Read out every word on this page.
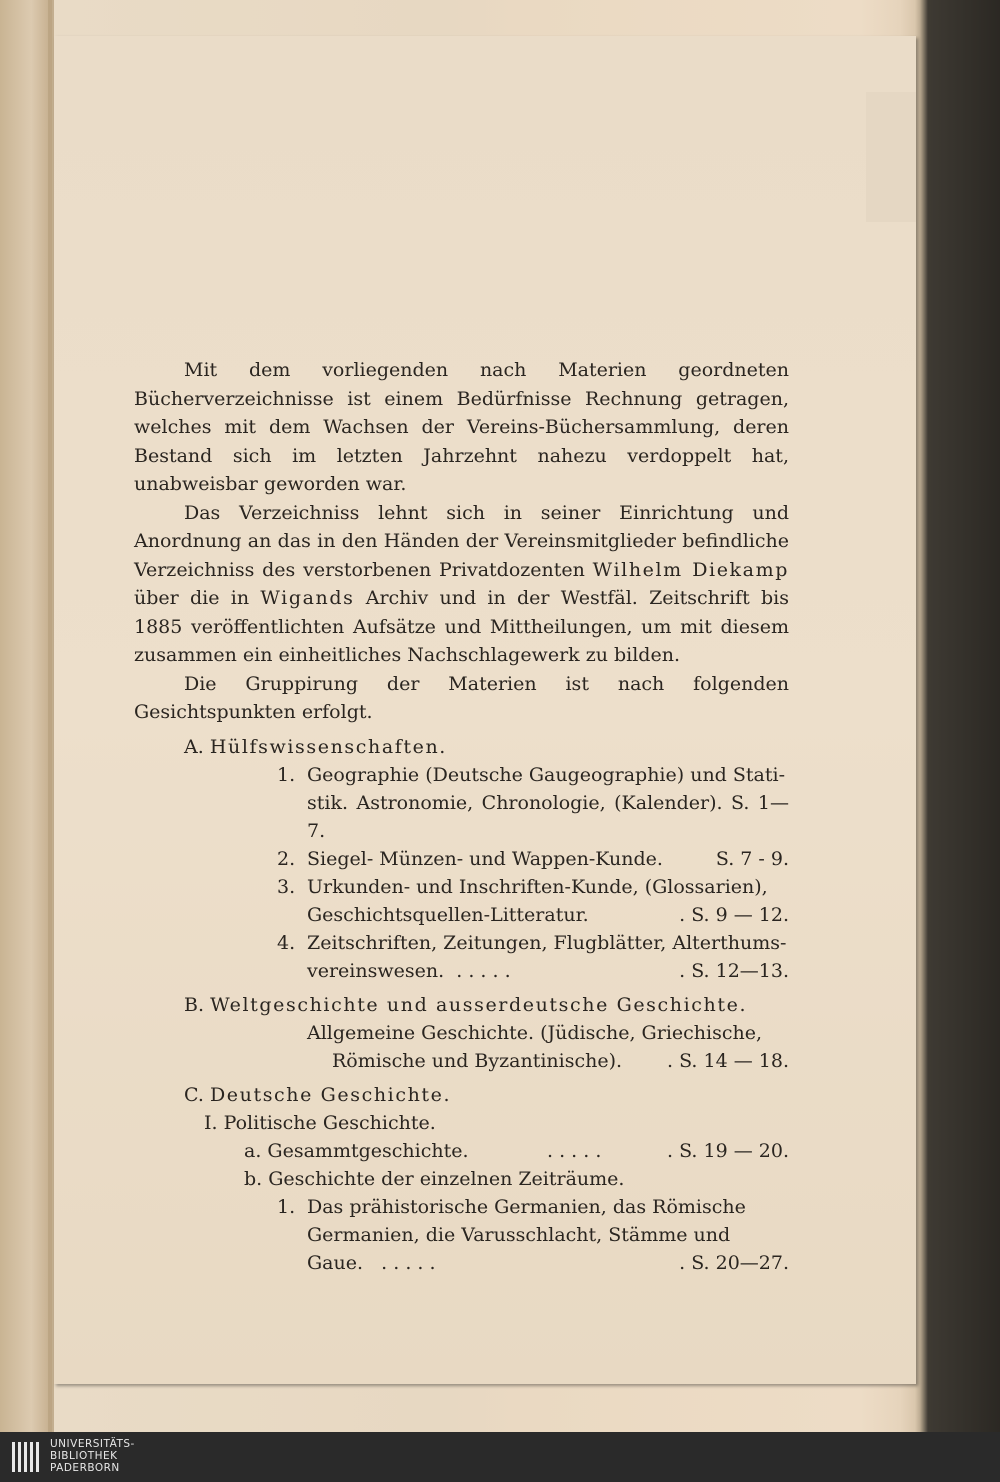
Mit dem vorliegenden nach Materien geordneten Bücherverzeichnisse ist einem Bedürfnisse Rechnung getragen, welches mit dem Wachsen der Vereins-Büchersammlung, deren Bestand sich im letzten Jahrzehnt nahezu verdoppelt hat, unabweisbar geworden war.

Das Verzeichniss lehnt sich in seiner Einrichtung und Anordnung an das in den Händen der Vereinsmitglieder befindliche Verzeichniss des verstorbenen Privatdozenten Wilhelm Diekamp über die in Wigands Archiv und in der Westfäl. Zeitschrift bis 1885 veröffentlichten Aufsätze und Mittheilungen, um mit diesem zusammen ein einheitliches Nachschlagewerk zu bilden.

Die Gruppirung der Materien ist nach folgenden Gesichtspunkten erfolgt.

A. Hülfswissenschaften.
1. Geographie (Deutsche Gaugeographie) und Stati-
stik. Astronomie, Chronologie, (Kalender). S. 1—7.
2. Siegel- Münzen- und Wappen-Kunde.	S. 7 - 9.
3. Urkunden- und Inschriften-Kunde, (Glossarien),
Geschichtsquellen-Litteratur.	. S. 9 — 12.
4. Zeitschriften, Zeitungen, Flugblätter, Alterthums-
vereinswesen. . . . . .	. S. 12—13.
B. Weltgeschichte und ausserdeutsche Geschichte.
Allgemeine Geschichte. (Jüdische, Griechische,
Römische und Byzantinische). . S. 14 — 18.
C. Deutsche Geschichte.
I. Politische Geschichte.
a. Gesammtgeschichte.	. . . . .	. S. 19 — 20.
b. Geschichte der einzelnen Zeiträume.
1. Das prähistorische Germanien, das Römische
Germanien, die Varusschlacht, Stämme und
Gaue. . . . . .	. S. 20—27.
UNIVERSITÄTS-
BIBLIOTHEK
PADERBORN
